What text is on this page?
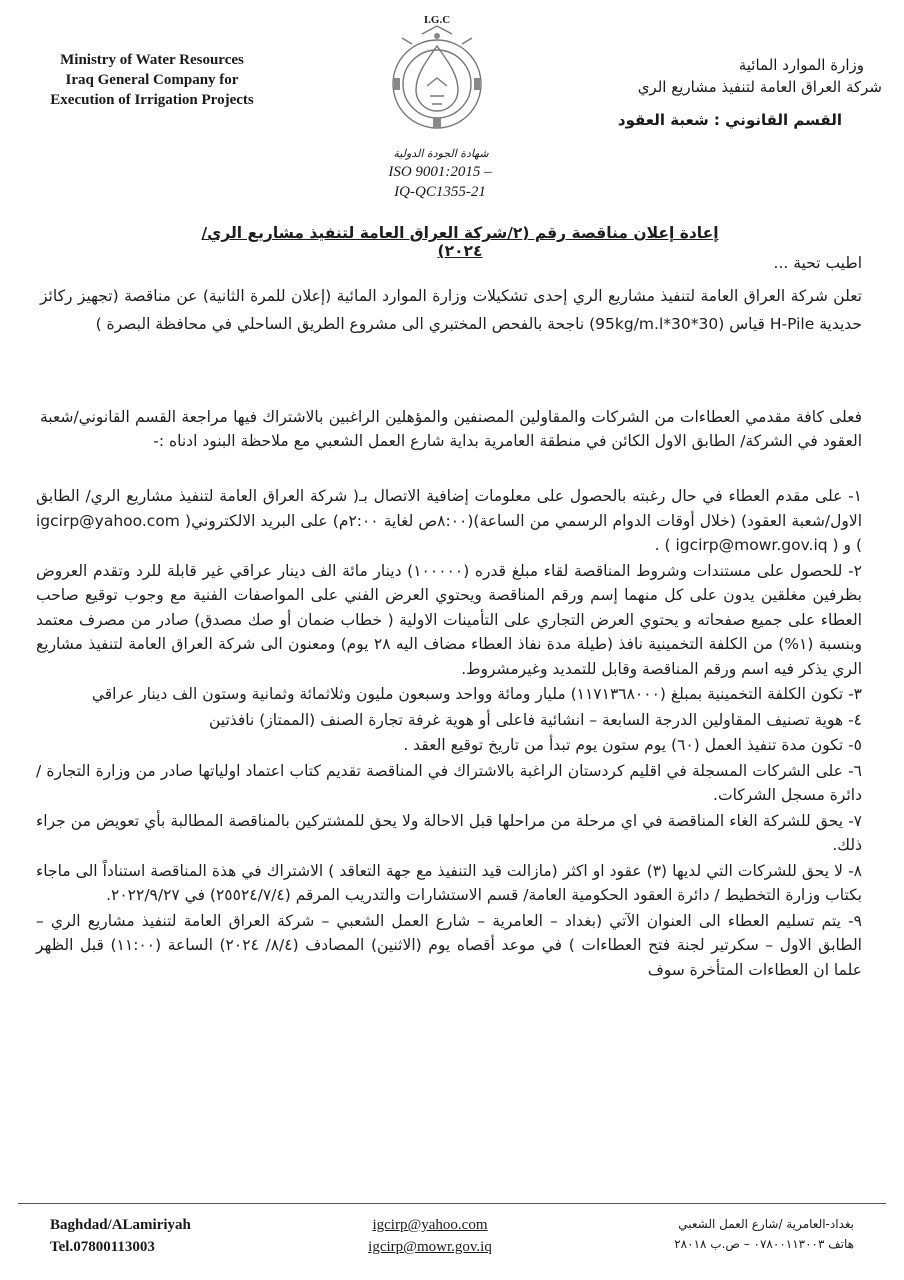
Ministry of Water Resources
Iraq General Company for
Execution of Irrigation Projects
I.G.C
شهادة الجودة الدولية
ISO 9001:2015 –
IQ-QC1355-21
وزارة الموارد المائية
شركة العراق العامة لتنفيذ مشاريع الري
القسم القانوني : شعبة العقود
إعادة إعلان مناقصة رقم (٢/شركة العراق العامة لتنفيذ مشاريع الري/ ٢٠٢٤)
اطيب تحية ...
تعلن شركة العراق العامة لتنفيذ مشاريع الري إحدى تشكيلات وزارة الموارد المائية (إعلان للمرة الثانية) عن مناقصة (تجهيز ركائز حديدية H-Pile قياس (30*30*95kg/m.l) ناجحة بالفحص المختبري الى مشروع الطريق الساحلي في محافظة البصرة )
فعلى كافة مقدمي العطاءات من الشركات والمقاولين المصنفين والمؤهلين الراغبين بالاشتراك فيها مراجعة القسم القانوني/شعبة العقود في الشركة/ الطابق الاول الكائن في منطقة العامرية بداية شارع العمل الشعبي مع ملاحظة البنود ادناه :-
١- على مقدم العطاء في حال رغبته بالحصول على معلومات إضافية الاتصال بـ( شركة العراق العامة لتنفيذ مشاريع الري/ الطابق الاول/شعبة العقود) (خلال أوقات الدوام الرسمي من الساعة)(٨:٠٠ص لغاية ٢:٠٠م) على البريد الالكتروني( igcirp@yahoo.com ) و ( igcirp@mowr.gov.iq ) .
٢- للحصول على مستندات وشروط المناقصة لقاء مبلغ قدره (١٠٠٠٠٠) دينار مائة الف دينار عراقي غير قابلة للرد وتقدم العروض بظرفين مغلقين يدون على كل منهما إسم ورقم المناقصة ويحتوي العرض الفني على المواصفات الفنية مع وجوب توقيع صاحب العطاء على جميع صفحاته و يحتوي العرض التجاري على التأمينات الاولية ( خطاب ضمان أو صك مصدق) صادر من مصرف معتمد وبنسبة (١%) من الكلفة التخمينية نافذ (طيلة مدة نفاذ العطاء مضاف اليه ٢٨ يوم) ومعنون الى شركة العراق العامة لتنفيذ مشاريع الري يذكر فيه اسم ورقم المناقصة وقابل للتمديد وغيرمشروط.
٣- تكون الكلفة التخمينية بمبلغ (١١٧١٣٦٨٠٠٠) مليار ومائة وواحد وسبعون مليون وثلاثمائة وثمانية وستون الف دينار عراقي
٤- هوية تصنيف المقاولين الدرجة السابعة – انشائية فاعلى أو هوية غرفة تجارة الصنف (الممتاز) نافذتين
٥- تكون مدة تنفيذ العمل (٦٠) يوم ستون يوم تبدأ من تاريخ توقيع العقد .
٦- على الشركات المسجلة في اقليم كردستان الراغبة بالاشتراك في المناقصة تقديم كتاب اعتماد اولياتها صادر من وزارة التجارة / دائرة مسجل الشركات.
٧- يحق للشركة الغاء المناقصة في اي مرحلة من مراحلها قبل الاحالة ولا يحق للمشتركين بالمناقصة المطالبة بأي تعويض من جراء ذلك.
٨- لا يحق للشركات التي لديها (٣) عقود او اكثر (مازالت قيد التنفيذ مع جهة التعاقد ) الاشتراك في هذة المناقصة استناداً الى ماجاء بكتاب وزارة التخطيط / دائرة العقود الحكومية العامة/ قسم الاستشارات والتدريب المرقم (٢٥٥٢٤/٧/٤) في ٢٠٢٢/٩/٢٧.
٩- يتم تسليم العطاء الى العنوان الآتي (بغداد – العامرية – شارع العمل الشعبي – شركة العراق العامة لتنفيذ مشاريع الري – الطابق الاول – سكرتير لجنة فتح العطاءات ) في موعد أقصاه يوم (الاثنين) المصادف (٨/٤/ ٢٠٢٤) الساعة (١١:٠٠) قبل الظهر علما ان العطاءات المتأخرة سوف
Baghdad/ALamiriyah
Tel.07800113003
igcirp@yahoo.com
igcirp@mowr.gov.iq
بغداد-العامرية /شارع العمل الشعبي
هاتف ٠٧٨٠٠١١٣٠٠٣ – ص.ب ٢٨٠١٨
